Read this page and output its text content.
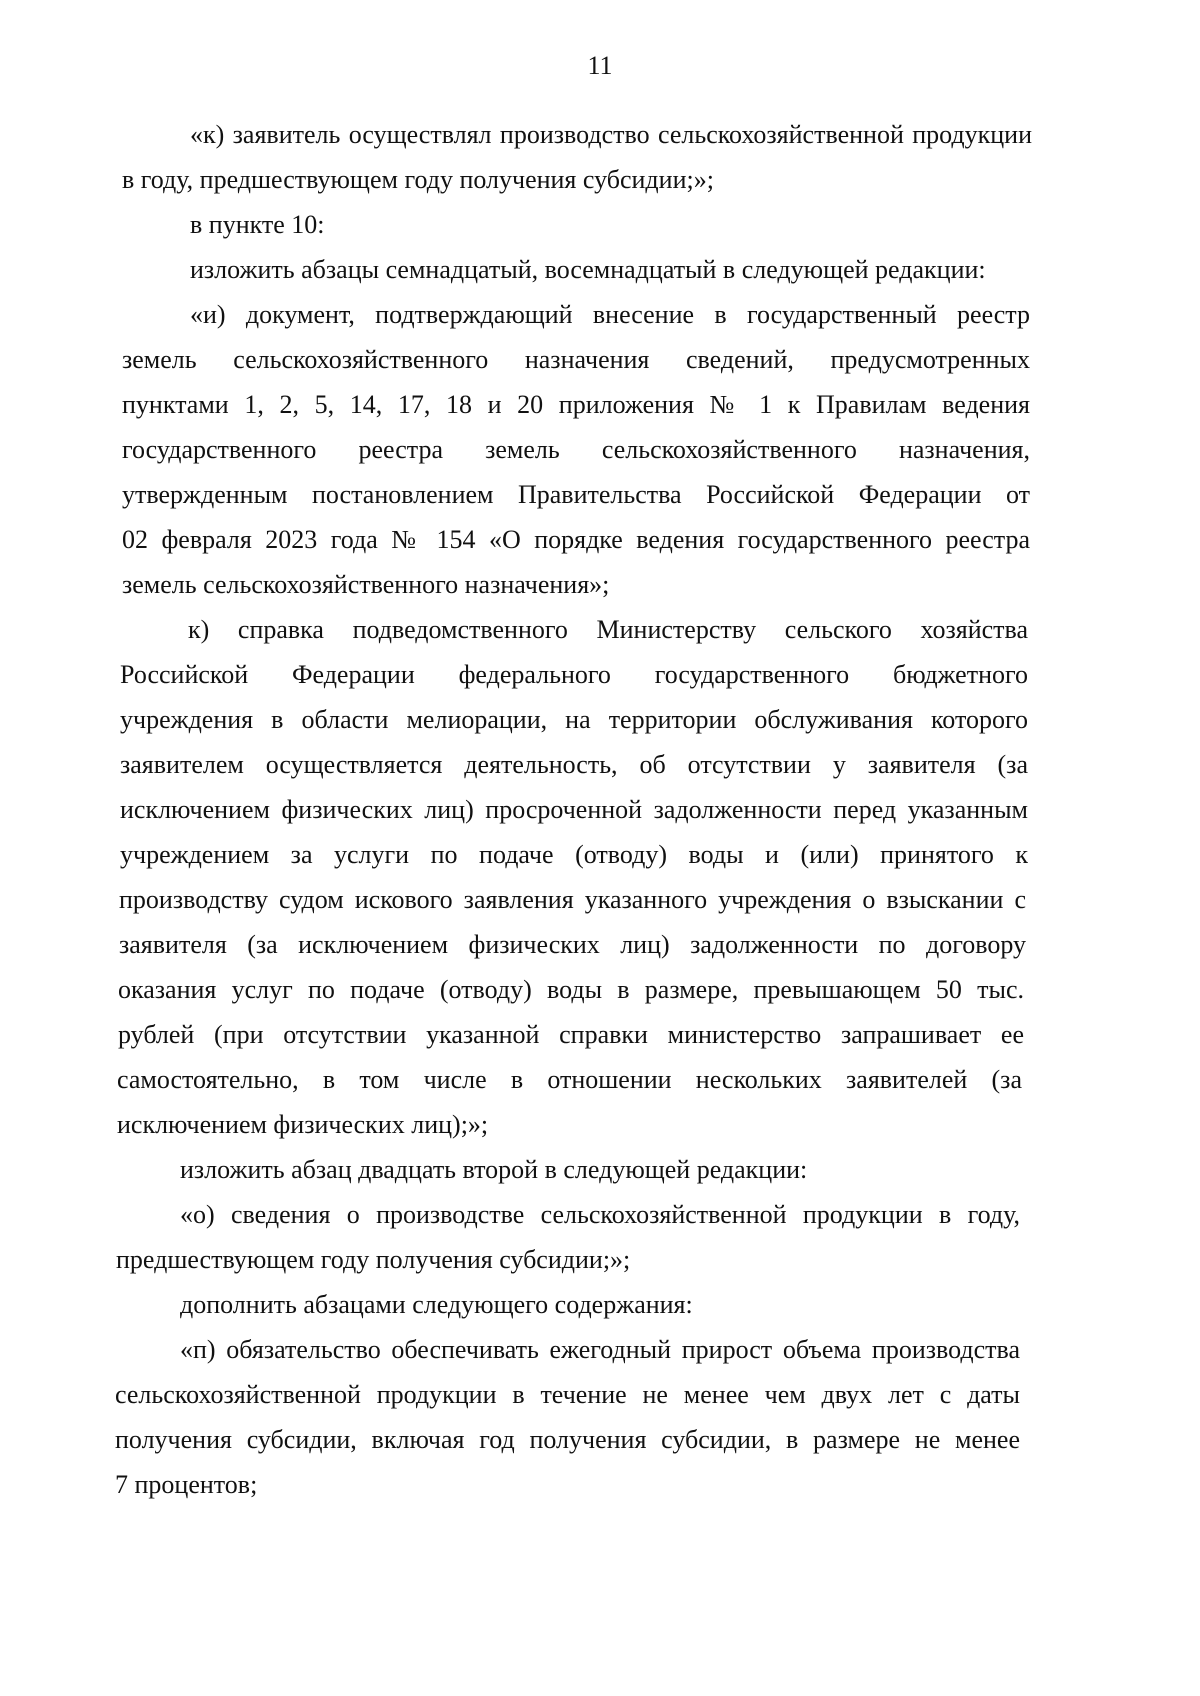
11
«к) заявитель осуществлял производство сельскохозяйственной продукции
в году, предшествующем году получения субсидии;»;
в пункте 10:
изложить абзацы семнадцатый, восемнадцатый в следующей редакции:
«и) документ, подтверждающий внесение в государственный реестр
земель сельскохозяйственного назначения сведений, предусмотренных
пунктами 1, 2, 5, 14, 17, 18 и 20 приложения № 1 к Правилам ведения
государственного реестра земель сельскохозяйственного назначения,
утвержденным постановлением Правительства Российской Федерации от
02 февраля 2023 года № 154 «О порядке ведения государственного реестра
земель сельскохозяйственного назначения»;
к) справка подведомственного Министерству сельского хозяйства
Российской Федерации федерального государственного бюджетного
учреждения в области мелиорации, на территории обслуживания которого
заявителем осуществляется деятельность, об отсутствии у заявителя (за
исключением физических лиц) просроченной задолженности перед указанным
учреждением за услуги по подаче (отводу) воды и (или) принятого к
производству судом искового заявления указанного учреждения о взыскании с
заявителя (за исключением физических лиц) задолженности по договору
оказания услуг по подаче (отводу) воды в размере, превышающем 50 тыс.
рублей (при отсутствии указанной справки министерство запрашивает ее
самостоятельно, в том числе в отношении нескольких заявителей (за
исключением физических лиц);»;
изложить абзац двадцать второй в следующей редакции:
«о) сведения о производстве сельскохозяйственной продукции в году,
предшествующем году получения субсидии;»;
дополнить абзацами следующего содержания:
«п) обязательство обеспечивать ежегодный прирост объема производства
сельскохозяйственной продукции в течение не менее чем двух лет с даты
получения субсидии, включая год получения субсидии, в размере не менее
7 процентов;
